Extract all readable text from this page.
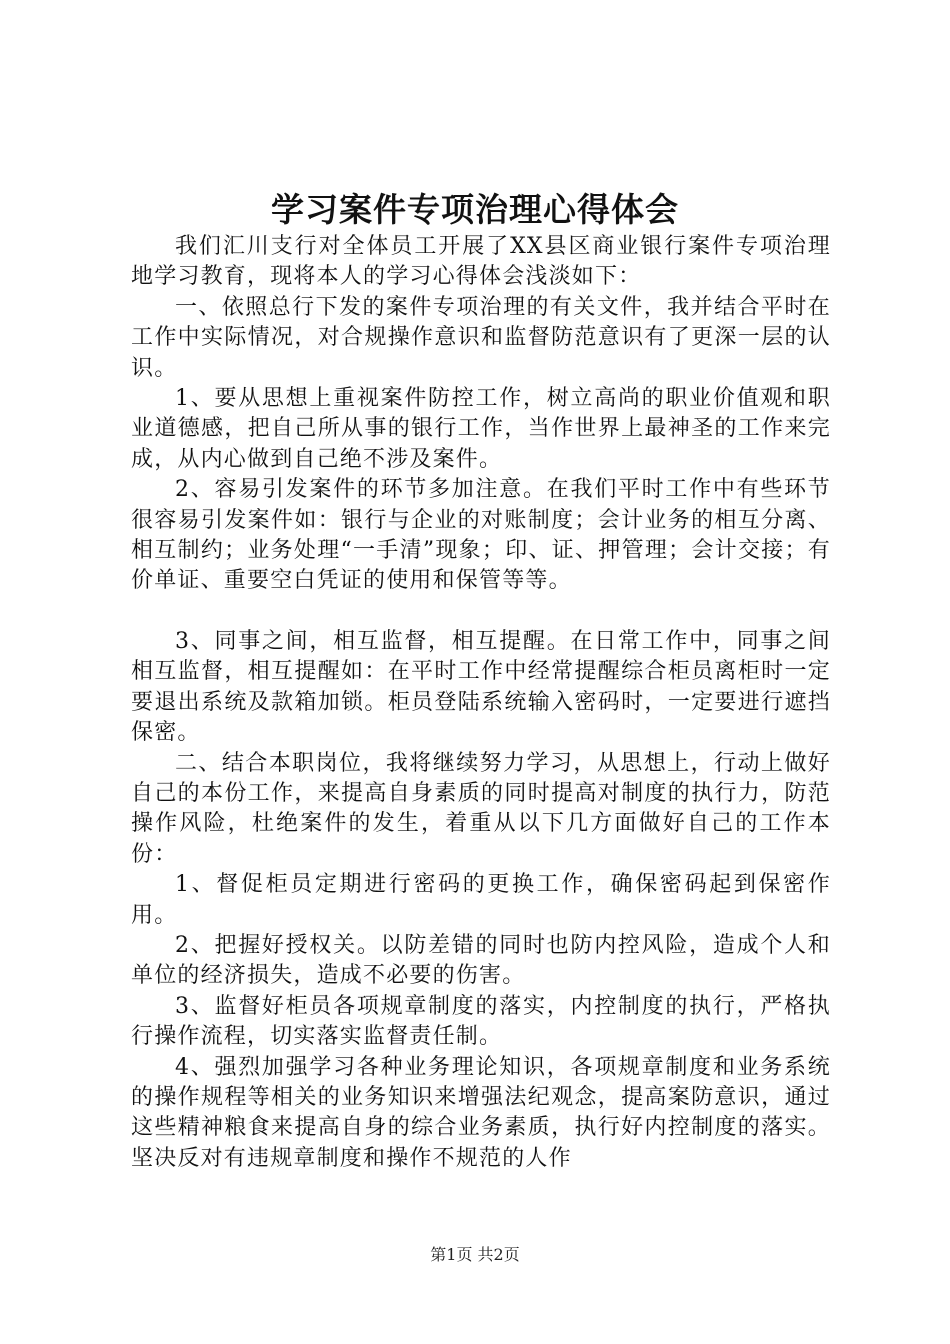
学习案件专项治理心得体会

我们汇川支行对全体员工开展了XX县区商业银行案件专项治理地学习教育，现将本人的学习心得体会浅淡如下：

一、依照总行下发的案件专项治理的有关文件，我并结合平时在工作中实际情况，对合规操作意识和监督防范意识有了更深一层的认识。

1、要从思想上重视案件防控工作，树立高尚的职业价值观和职业道德感，把自己所从事的银行工作，当作世界上最神圣的工作来完成，从内心做到自己绝不涉及案件。

2、容易引发案件的环节多加注意。在我们平时工作中有些环节很容易引发案件如：银行与企业的对账制度；会计业务的相互分离、相互制约；业务处理“一手清”现象；印、证、押管理；会计交接；有价单证、重要空白凭证的使用和保管等等。

3、同事之间，相互监督，相互提醒。在日常工作中，同事之间相互监督，相互提醒如：在平时工作中经常提醒综合柜员离柜时一定要退出系统及款箱加锁。柜员登陆系统输入密码时，一定要进行遮挡保密。

二、结合本职岗位，我将继续努力学习，从思想上，行动上做好自己的本份工作，来提高自身素质的同时提高对制度的执行力，防范操作风险，杜绝案件的发生，着重从以下几方面做好自己的工作本份：

1、督促柜员定期进行密码的更换工作，确保密码起到保密作用。

2、把握好授权关。以防差错的同时也防内控风险，造成个人和单位的经济损失，造成不必要的伤害。

3、监督好柜员各项规章制度的落实，内控制度的执行，严格执行操作流程，切实落实监督责任制。

4、强烈加强学习各种业务理论知识，各项规章制度和业务系统的操作规程等相关的业务知识来增强法纪观念，提高案防意识，通过这些精神粮食来提高自身的综合业务素质，执行好内控制度的落实。坚决反对有违规章制度和操作不规范的人作

第1页 共2页
